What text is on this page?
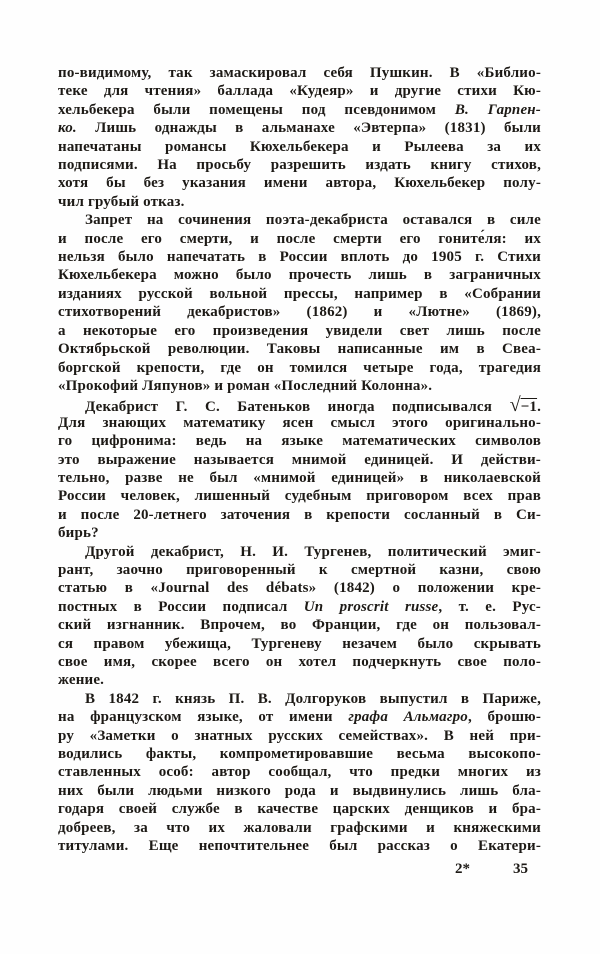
по-видимому, так замаскировал себя Пушкин. В «Библио-
теке для чтения» баллада «Кудеяр» и другие стихи Кю-
хельбекера были помещены под псевдонимом В. Гарпен-
ко. Лишь однажды в альманахе «Эвтерпа» (1831) были
напечатаны романсы Кюхельбекера и Рылеева за их
подписями. На просьбу разрешить издать книгу стихов,
хотя бы без указания имени автора, Кюхельбекер полу-
чил грубый отказ.
Запрет на сочинения поэта-декабриста оставался в силе
и после его смерти, и после смерти его гоните́ля: их
нельзя было напечатать в России вплоть до 1905 г. Стихи
Кюхельбекера можно было прочесть лишь в заграничных
изданиях русской вольной прессы, например в «Собрании
стихотворений декабристов» (1862) и «Лютне» (1869),
а некоторые его произведения увидели свет лишь после
Октябрьской революции. Таковы написанные им в Свеа-
боргской крепости, где он томился четыре года, трагедия
«Прокофий Ляпунов» и роман «Последний Колонна».
Декабрист Г. С. Батеньков иногда подписывался √−1.
Для знающих математику ясен смысл этого оригинально-
го цифронима: ведь на языке математических символов
это выражение называется мнимой единицей. И действи-
тельно, разве не был «мнимой единицей» в николаевской
России человек, лишенный судебным приговором всех прав
и после 20-летнего заточения в крепости сосланный в Си-
бирь?
Другой декабрист, Н. И. Тургенев, политический эмиг-
рант, заочно приговоренный к смертной казни, свою
статью в «Journal des débats» (1842) о положении кре-
постных в России подписал Un proscrit russe, т. е. Рус-
ский изгнанник. Впрочем, во Франции, где он пользовал-
ся правом убежища, Тургеневу незачем было скрывать
свое имя, скорее всего он хотел подчеркнуть свое поло-
жение.
В 1842 г. князь П. В. Долгоруков выпустил в Париже,
на французском языке, от имени графа Альмагро, брошю-
ру «Заметки о знатных русских семействах». В ней при-
водились факты, компрометировавшие весьма высокопо-
ставленных особ: автор сообщал, что предки многих из
них были людьми низкого рода и выдвинулись лишь бла-
годаря своей службе в качестве царских денщиков и бра-
добреев, за что их жаловали графскими и княжескими
титулами. Еще непочтительнее был рассказ о Екатери-
2*	35
